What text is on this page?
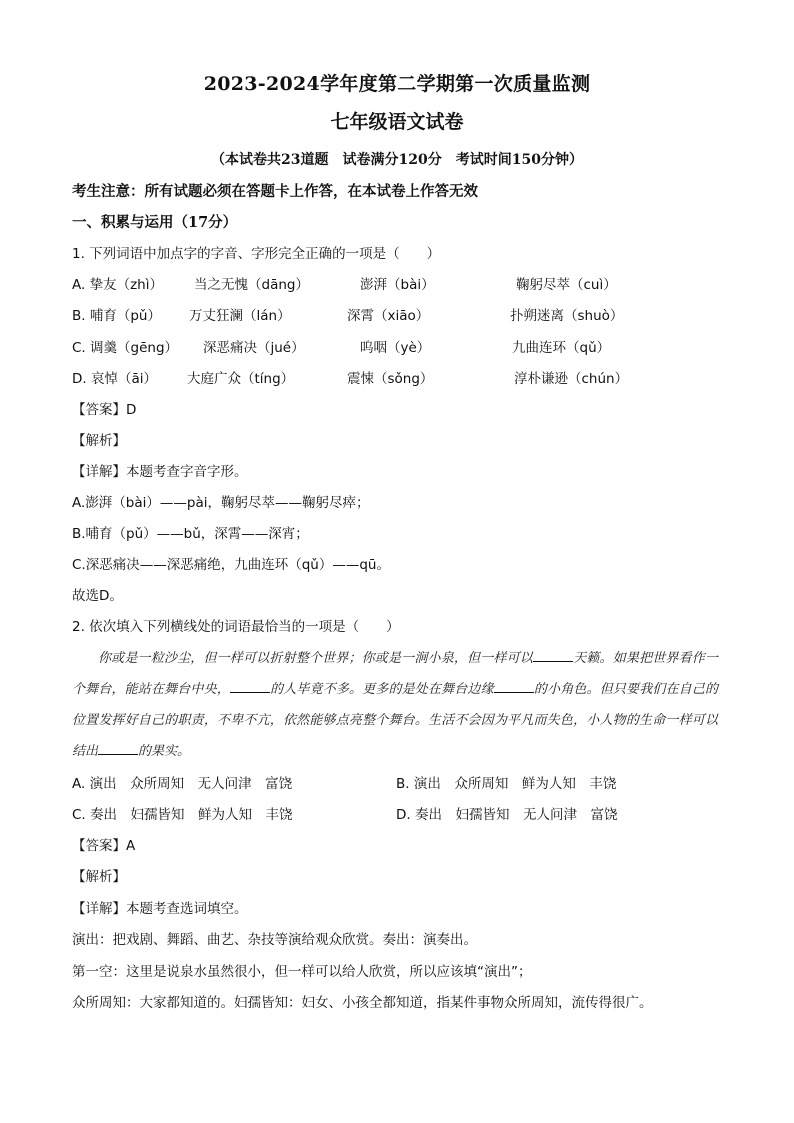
2023-2024学年度第二学期第一次质量监测
七年级语文试卷
（本试卷共23道题　试卷满分120分　考试时间150分钟）
考生注意：所有试题必须在答题卡上作答，在本试卷上作答无效
一、积累与运用（17分）
1. 下列词语中加点字的字音、字形完全正确的一项是（　　）
A. 挚友（zhì） 当之无愧（dāng）	澎湃（bài）	鞠躬尽萃（cuì）
B. 哺育（pǔ） 万丈狂澜（lán）	深霄（xiāo）	扑朔迷离（shuò）
C. 调羹（gēng） 深恶痛决（jué）	呜咽（yè）	九曲连环（qǔ）
D. 哀悼（āi） 大庭广众（tíng）	震悚（sǒng）	淳朴谦逊（chún）
【答案】D
【解析】
【详解】本题考查字音字形。
A.澎湃（bài）——pài，鞠躬尽萃——鞠躬尽瘁；
B.哺育（pǔ）——bǔ，深霄——深宵；
C.深恶痛决——深恶痛绝，九曲连环（qǔ）——qū。
故选D。
2. 依次填入下列横线处的词语最恰当的一项是（　　）
你或是一粒沙尘，但一样可以折射整个世界；你或是一涧小泉，但一样可以	天籁。如果把世界看作一个舞台，能站在舞台中央，	的人毕竟不多。更多的是处在舞台边缘	的小角色。但只要我们在自己的位置发挥好自己的职责，不卑不亢，依然能够点亮整个舞台。生活不会因为平凡而失色，小人物的生命一样可以结出	的果实。
A. 演出　众所周知　无人问津　富饶	B. 演出　众所周知　鲜为人知　丰饶
C. 奏出　妇孺皆知　鲜为人知　丰饶	D. 奏出　妇孺皆知　无人问津　富饶
【答案】A
【解析】
【详解】本题考查选词填空。
演出：把戏剧、舞蹈、曲艺、杂技等演给观众欣赏。奏出：演奏出。
第一空：这里是说泉水虽然很小，但一样可以给人欣赏，所以应该填“演出”；
众所周知：大家都知道的。妇孺皆知：妇女、小孩全都知道，指某件事物众所周知，流传得很广。
